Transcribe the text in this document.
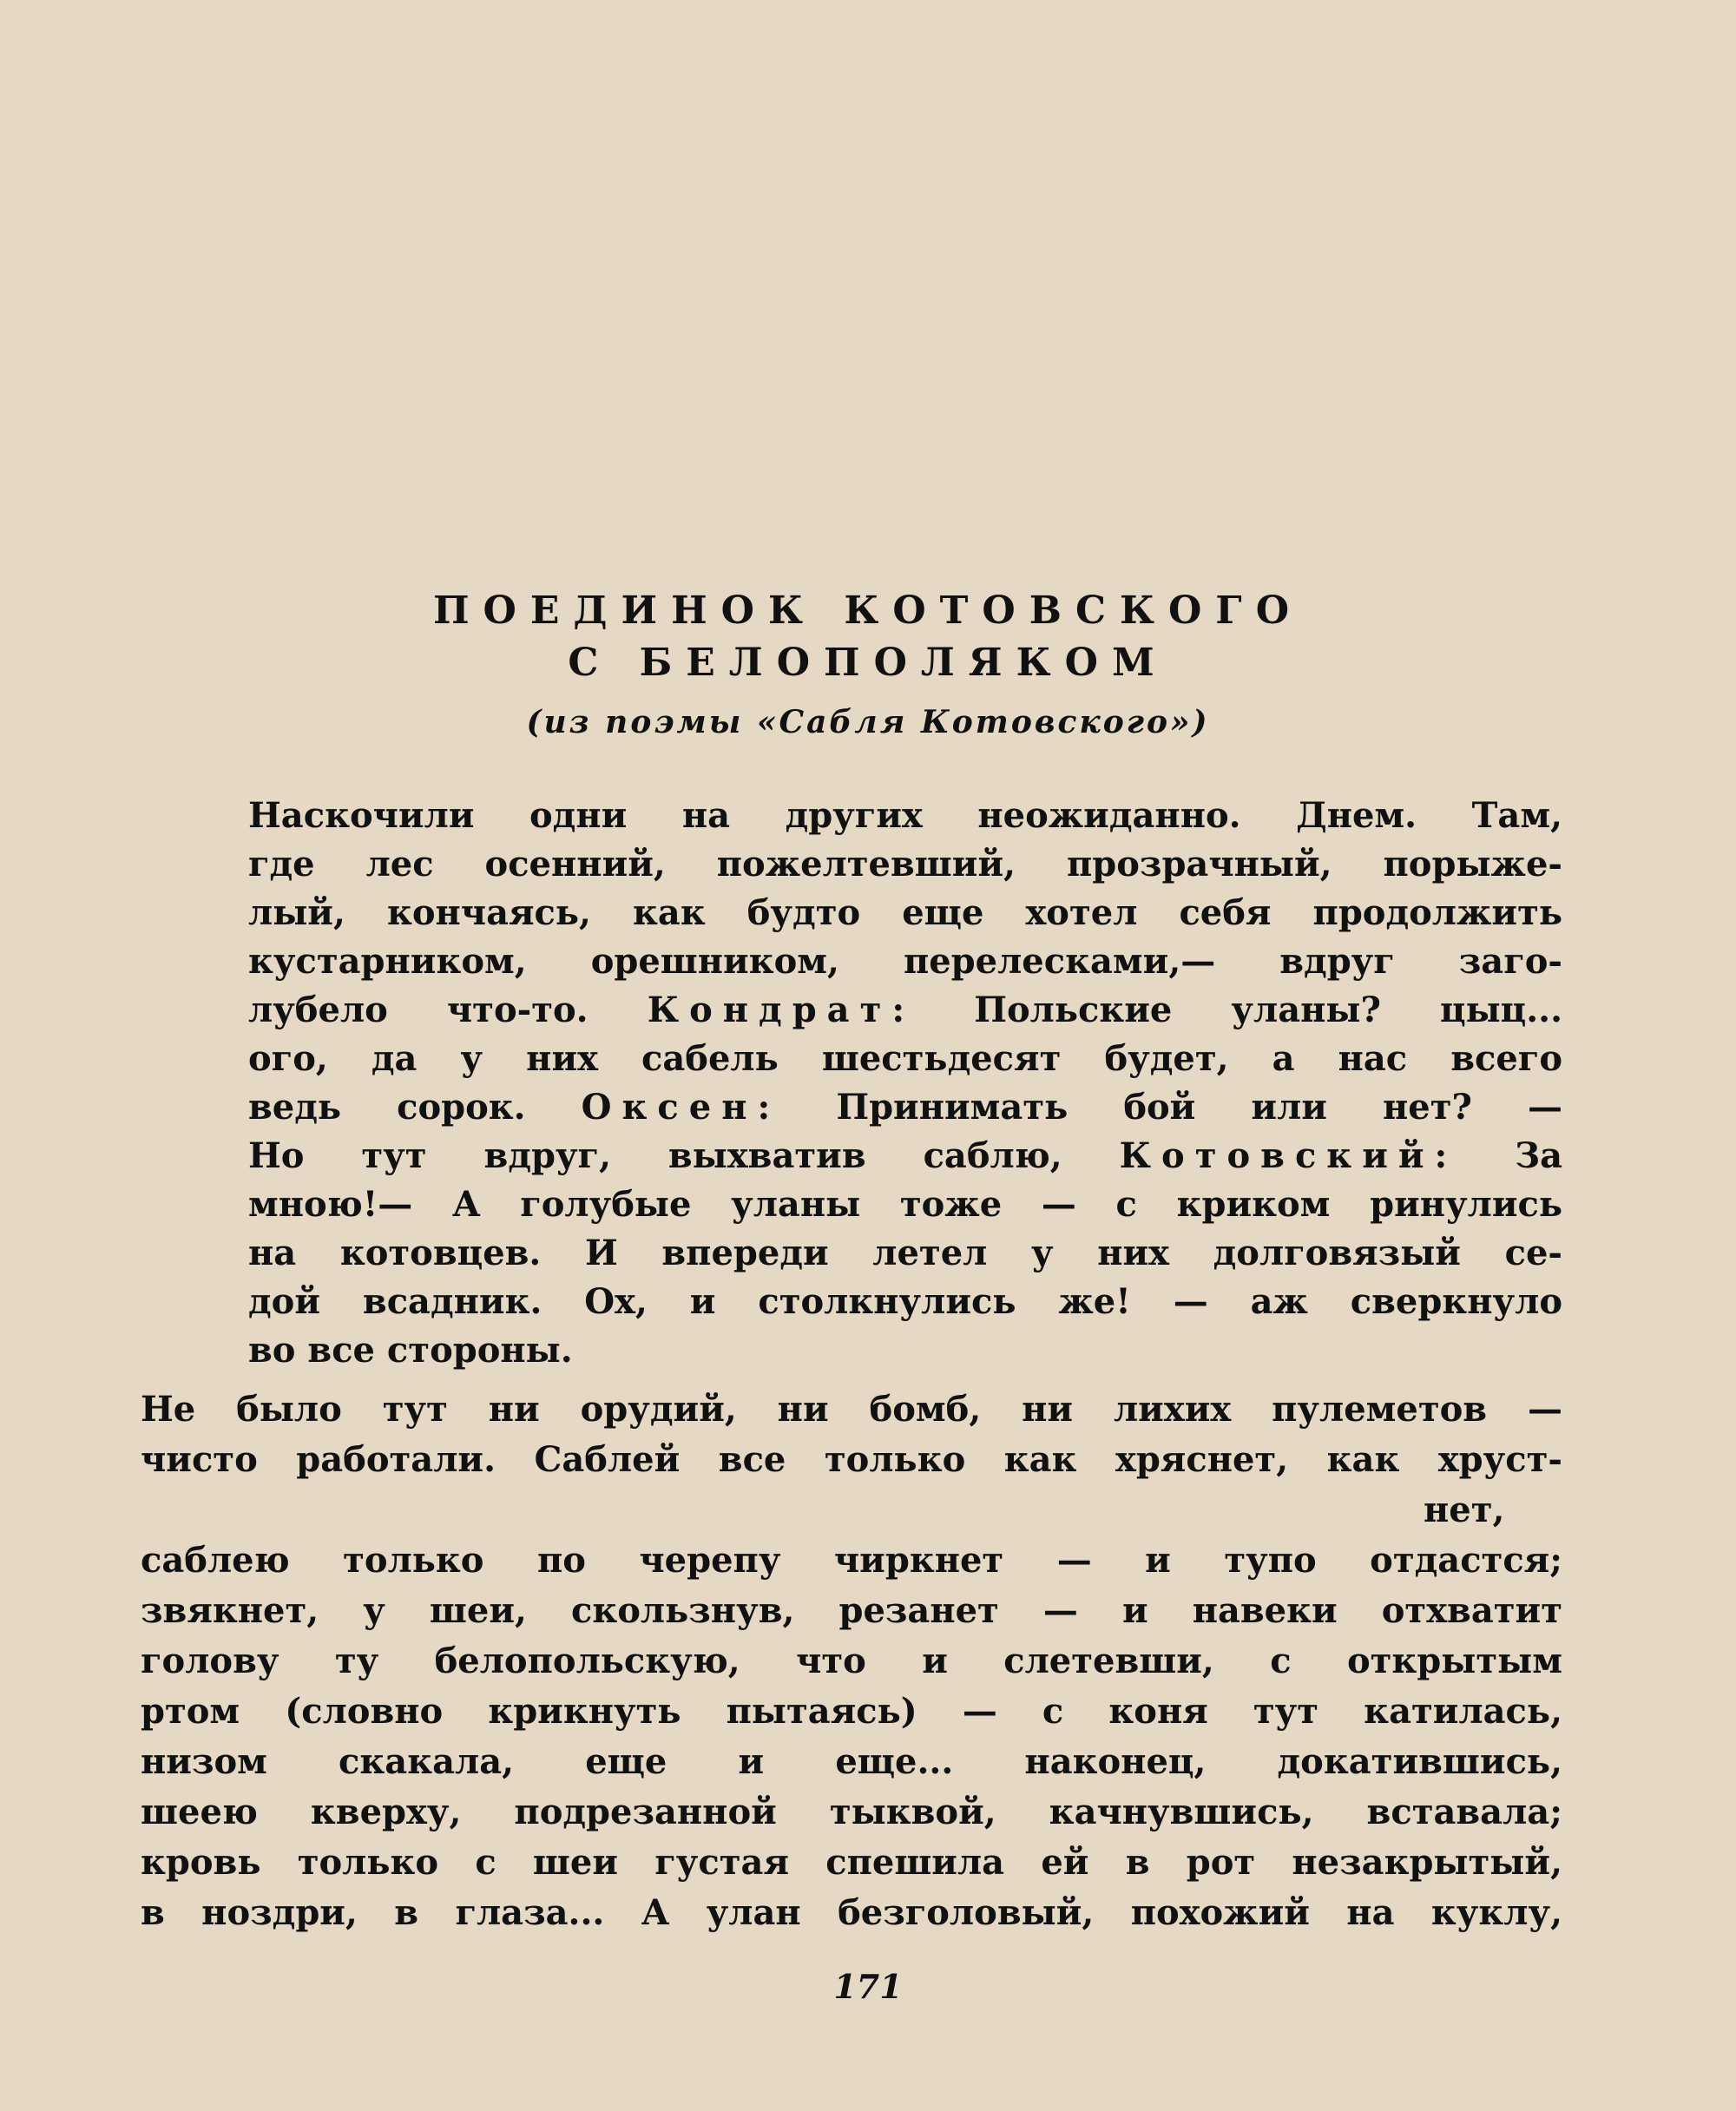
ПОЕДИНОК КОТОВСКОГО
С БЕЛОПОЛЯКОМ
(из поэмы «Сабля Котовского»)
Наскочили одни на других неожиданно. Днем. Там,
где лес осенний, пожелтевший, прозрачный, порыже-
лый, кончаясь, как будто еще хотел себя продолжить
кустарником, орешником, перелесками,— вдруг заго-
лубело что-то. Кондрат: Польские уланы? цыц...
ого, да у них сабель шестьдесят будет, а нас всего
ведь сорок. Оксен: Принимать бой или нет? —
Но тут вдруг, выхватив саблю, Котовский: За
мною!— А голубые уланы тоже — с криком ринулись
на котовцев. И впереди летел у них долговязый се-
дой всадник. Ох, и столкнулись же! — аж сверкнуло
во все стороны.
Не было тут ни орудий, ни бомб, ни лихих пулеметов —
чисто работали. Саблей все только как хряснет, как хруст-
нет,
саблею только по черепу чиркнет — и тупо отдастся;
звякнет, у шеи, скользнув, резанет — и навеки отхватит
голову ту белопольскую, что и слетевши, с открытым
ртом (словно крикнуть пытаясь) — с коня тут катилась,
низом скакала, еще и еще... наконец, докатившись,
шеею кверху, подрезанной тыквой, качнувшись, вставала;
кровь только с шеи густая спешила ей в рот незакрытый,
в ноздри, в глаза... А улан безголовый, похожий на куклу,
171
